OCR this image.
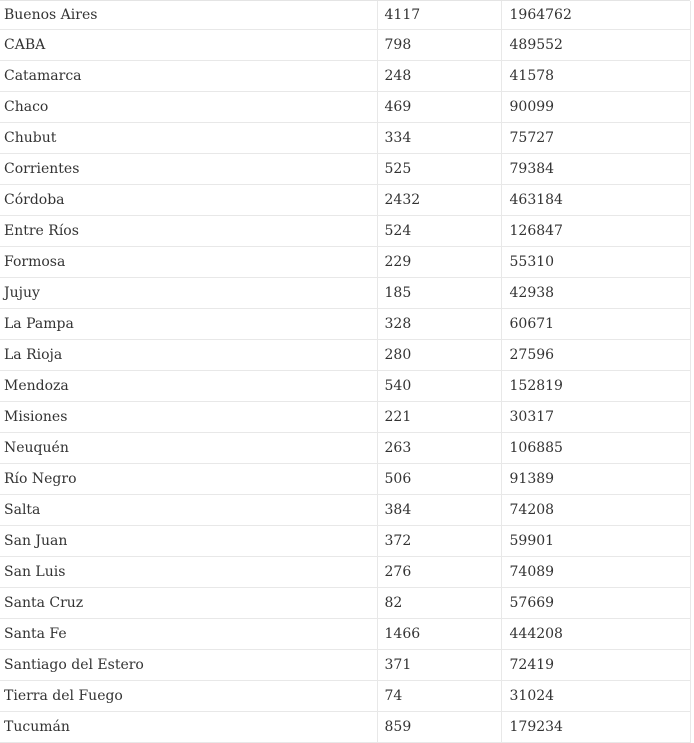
Buenos Aires	4117	1964762
CABA	798	489552
Catamarca	248	41578
Chaco	469	90099
Chubut	334	75727
Corrientes	525	79384
Córdoba	2432	463184
Entre Ríos	524	126847
Formosa	229	55310
Jujuy	185	42938
La Pampa	328	60671
La Rioja	280	27596
Mendoza	540	152819
Misiones	221	30317
Neuquén	263	106885
Río Negro	506	91389
Salta	384	74208
San Juan	372	59901
San Luis	276	74089
Santa Cruz	82	57669
Santa Fe	1466	444208
Santiago del Estero	371	72419
Tierra del Fuego	74	31024
Tucumán	859	179234
